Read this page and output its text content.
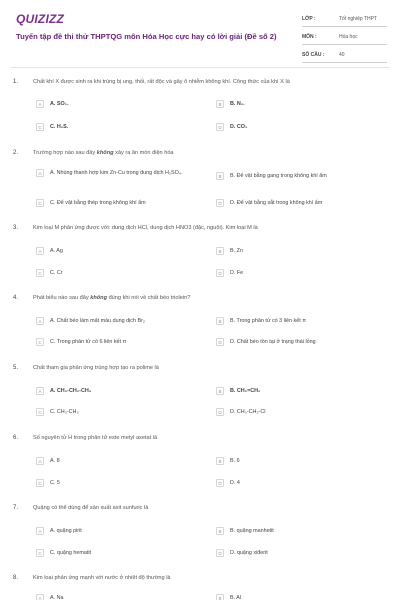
QUIZIZZ
Tuyển tập đề thi thử THPTQG môn Hóa Học cực hay có lời giải (Đề số 2)
LỚP :	Tốt nghiệp THPT
MÔN :	Hóa học
SỐ CÂU :	40
1.	Chất khí X được sinh ra khi trùng bị ung, thối, rất độc và gây ô nhiễm không khí. Công thức của khí X là
A	A. SO₂.	B	B. N₂.
C	C. H₂S.	D	D. CO₂
2.	Trường hợp nào sau đây không xảy ra ăn mòn điện hóa
A	A. Nhúng thanh hợp kim Zn-Cu trong dung dịch H₂SO₄.
B	B. Để vật bằng gang trong không khí ẩm
C	C. Để vật bằng thép trong không khí ẩm	D	D. Để vật bằng sắt trong không khí ẩm
3.	Kim loại M phản ứng được với: dung dịch HCl, dung dịch HNO3 (đặc, nguội). Kim loại M là
A	A. Ag	B	B. Zn
C	C. Cr	D	D. Fe
4.	Phát biểu nào sau đây không đúng khi nói về chất béo triolein?
A	A. Chất béo làm mất màu dung dịch Br₂	B	B. Trong phân tử có 3 liên kết π
C	C. Trong phân tử có 6 liên kết π	D	D. Chất béo tồn tại ở trạng thái lỏng
5.	Chất tham gia phản ứng trùng hợp tạo ra polime là
A	A. CH₃-CH₂-CH₃	B	B. CH₂=CH₂
C	C. CH₃-CH₃	D	D. CH₃-CH₂-Cl
6.	Số nguyên tử H trong phân tử este metyl axetat là
A	A. 8	B	B. 6
C	C. 5	D	D. 4
7.	Quặng có thể dùng để sản xuất axit sunfuric là
A	A. quặng pirit	B	B. quặng manhetit
C	C. quặng hematit	D	D. quặng xiđerit
8.	Kim loại phản ứng mạnh với nước ở nhiệt độ thường là
A	A. Na	B	B. Al
